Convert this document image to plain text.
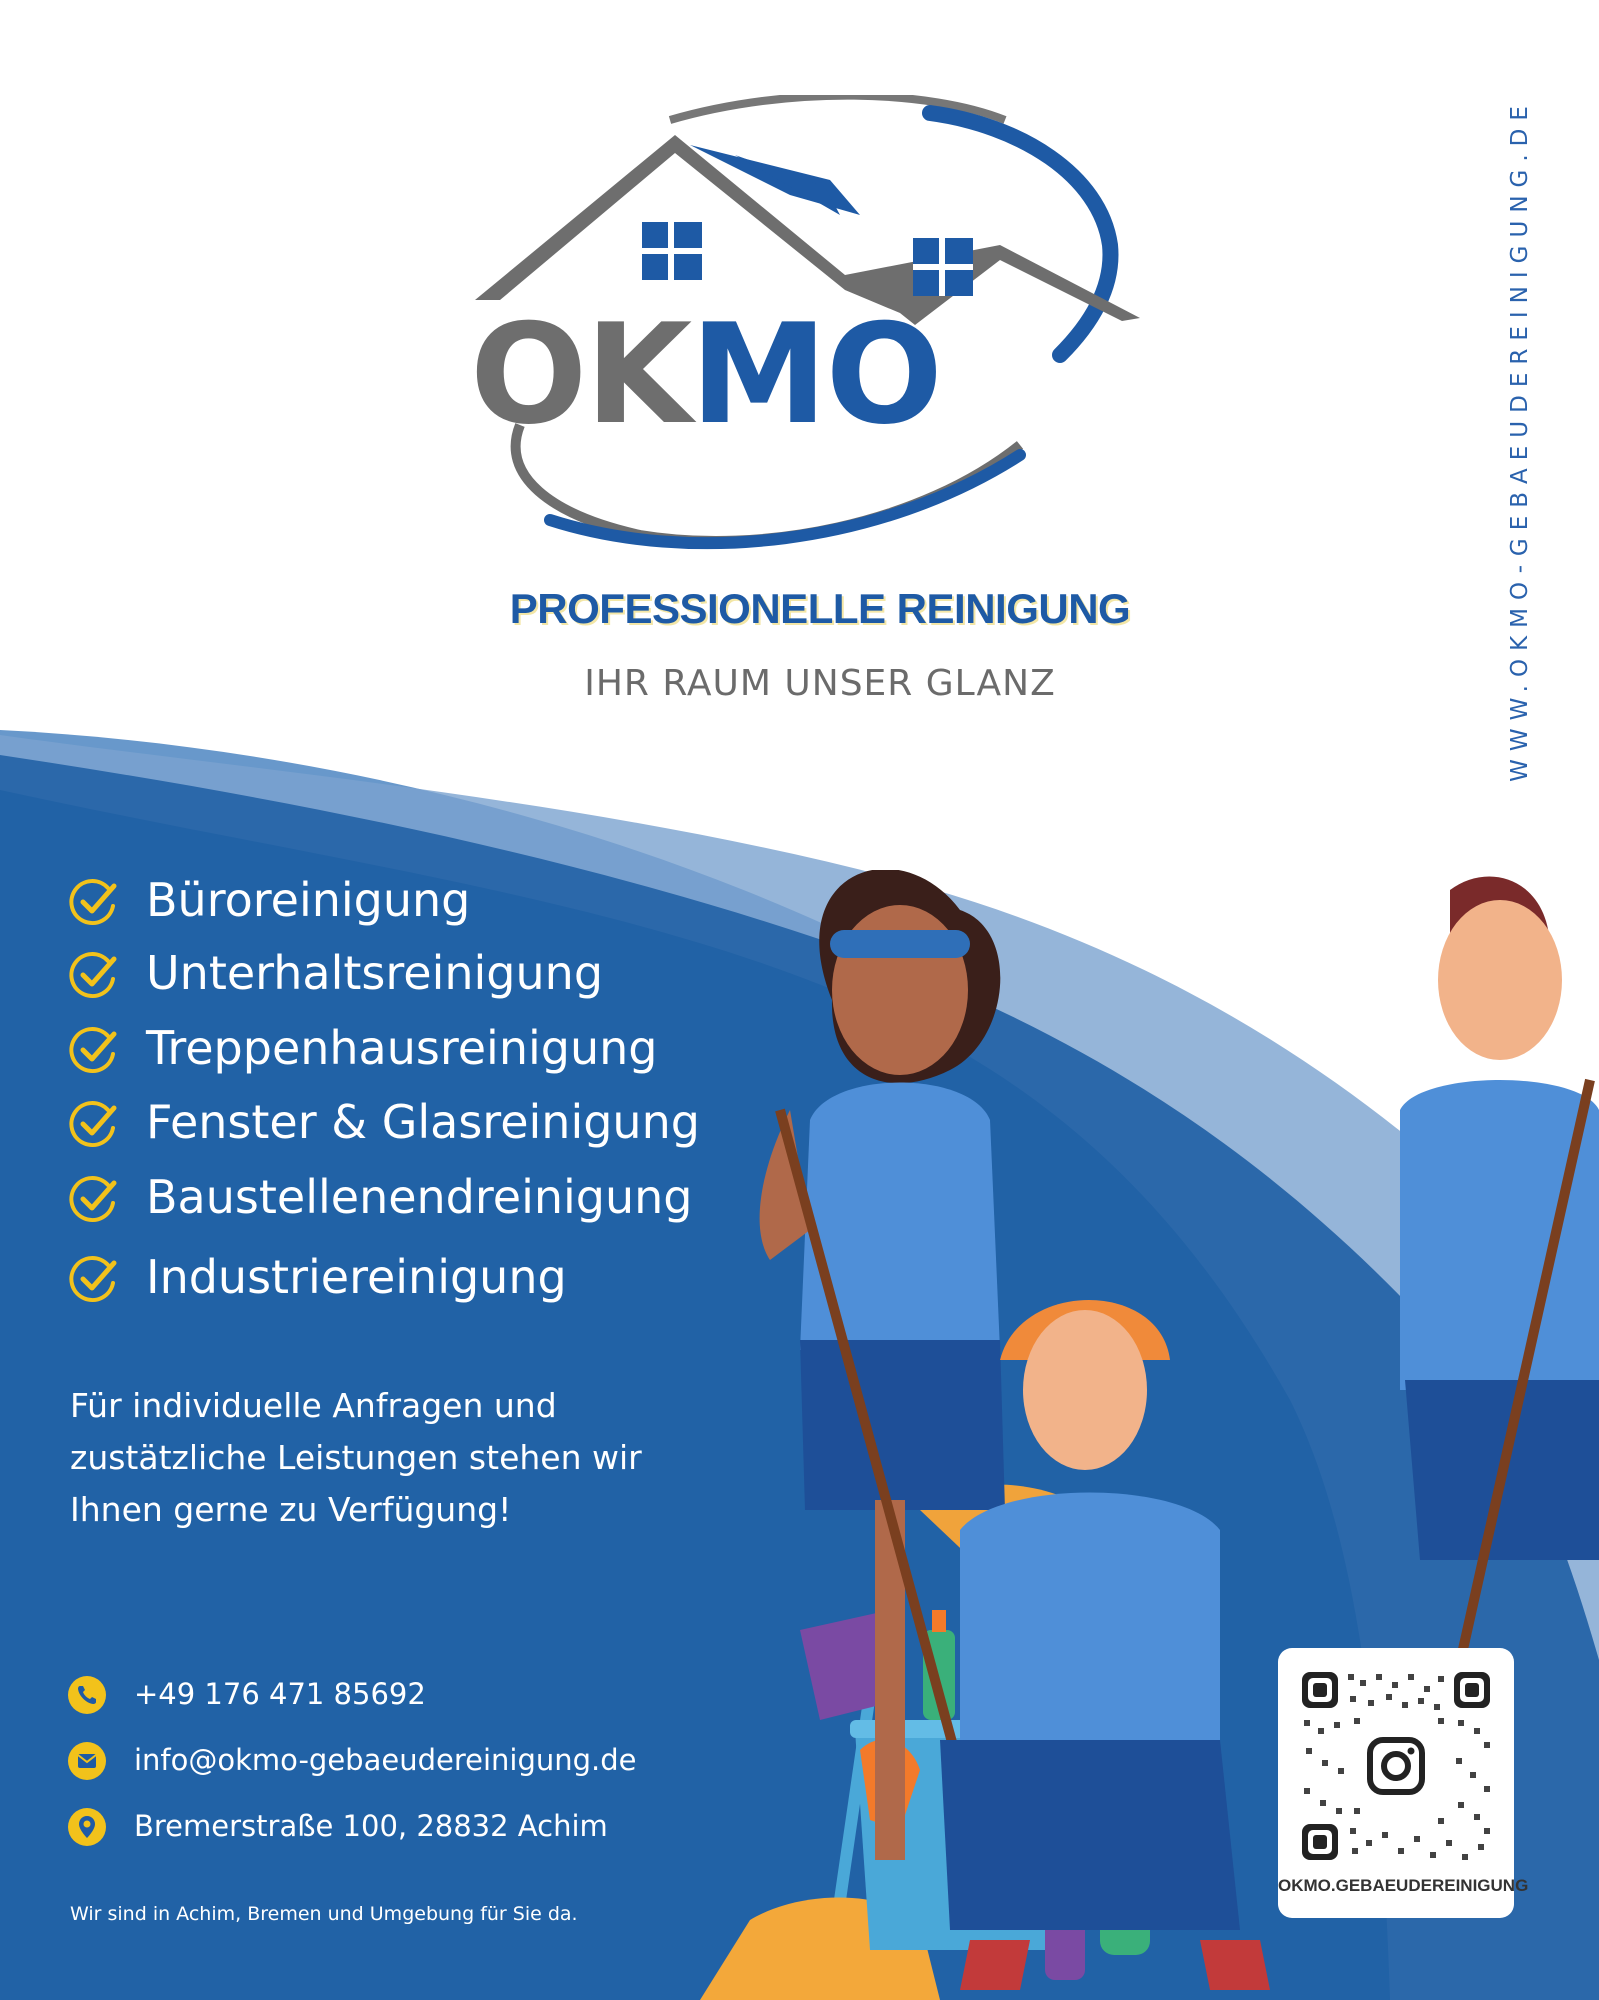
OKMO
PROFESSIONELLE REINIGUNG
IHR RAUM UNSER GLANZ	WWW.OKMO-GEBAEUDEREINIGUNG.DE
Büroreinigung
Unterhaltsreinigung
Treppenhausreinigung
Fenster & Glasreinigung
Baustellenendreinigung
Industriereinigung
Für individuelle Anfragen und zustätzliche Leistungen stehen wir Ihnen gerne zu Verfügung!
+49 176 471 85692
info@okmo-gebaeudereinigung.de
Bremerstraße 100, 28832 Achim
Wir sind in Achim, Bremen und Umgebung für Sie da.
OKMO.GEBAEUDEREINIGUNG
